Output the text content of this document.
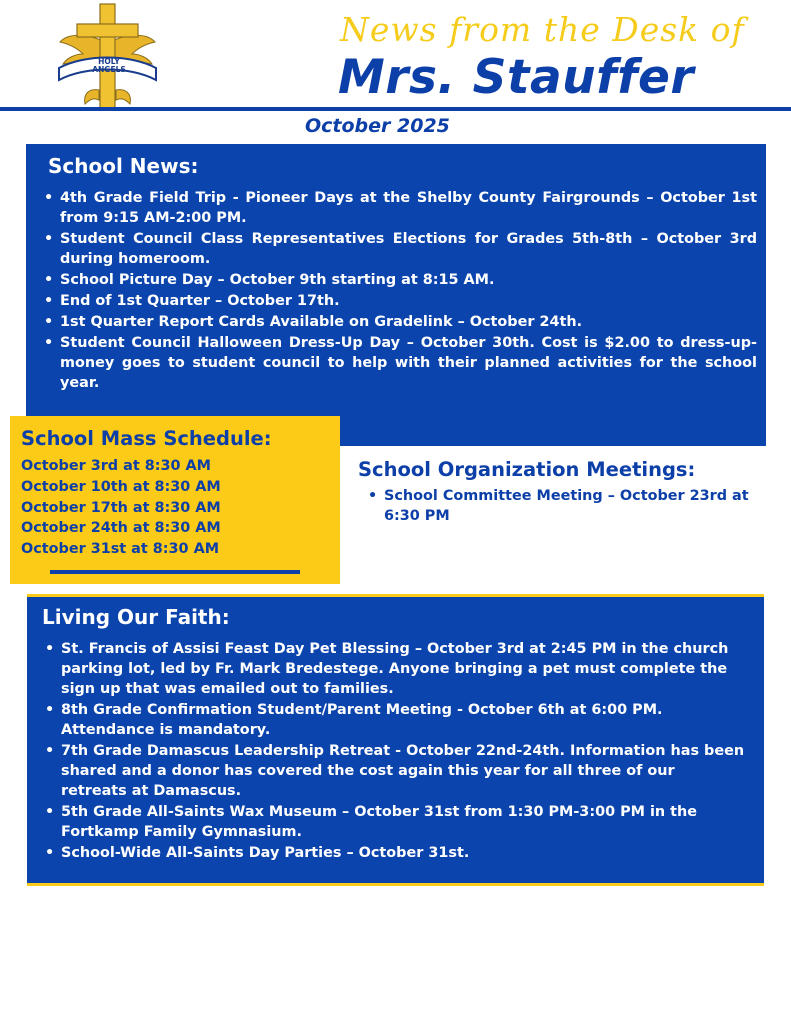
HOLY ANGELS
News from the Desk of
Mrs. Stauffer
October 2025
School News:
• 4th Grade Field Trip - Pioneer Days at the Shelby County Fairgrounds – October 1st from 9:15 AM-2:00 PM.
• Student Council Class Representatives Elections for Grades 5th-8th – October 3rd during homeroom.
• School Picture Day – October 9th starting at 8:15 AM.
• End of 1st Quarter – October 17th.
• 1st Quarter Report Cards Available on Gradelink – October 24th.
• Student Council Halloween Dress-Up Day – October 30th. Cost is $2.00 to dress-up- money goes to student council to help with their planned activities for the school year.
School Mass Schedule:
October 3rd at 8:30 AM
October 10th at 8:30 AM
October 17th at 8:30 AM
October 24th at 8:30 AM
October 31st at 8:30 AM
School Organization Meetings:
• School Committee Meeting – October 23rd at 6:30 PM
Living Our Faith:
• St. Francis of Assisi Feast Day Pet Blessing – October 3rd at 2:45 PM in the church parking lot, led by Fr. Mark Bredestege. Anyone bringing a pet must complete the sign up that was emailed out to families.
• 8th Grade Confirmation Student/Parent Meeting - October 6th at 6:00 PM. Attendance is mandatory.
• 7th Grade Damascus Leadership Retreat - October 22nd-24th. Information has been shared and a donor has covered the cost again this year for all three of our retreats at Damascus.
• 5th Grade All-Saints Wax Museum – October 31st from 1:30 PM-3:00 PM in the Fortkamp Family Gymnasium.
• School-Wide All-Saints Day Parties – October 31st.
